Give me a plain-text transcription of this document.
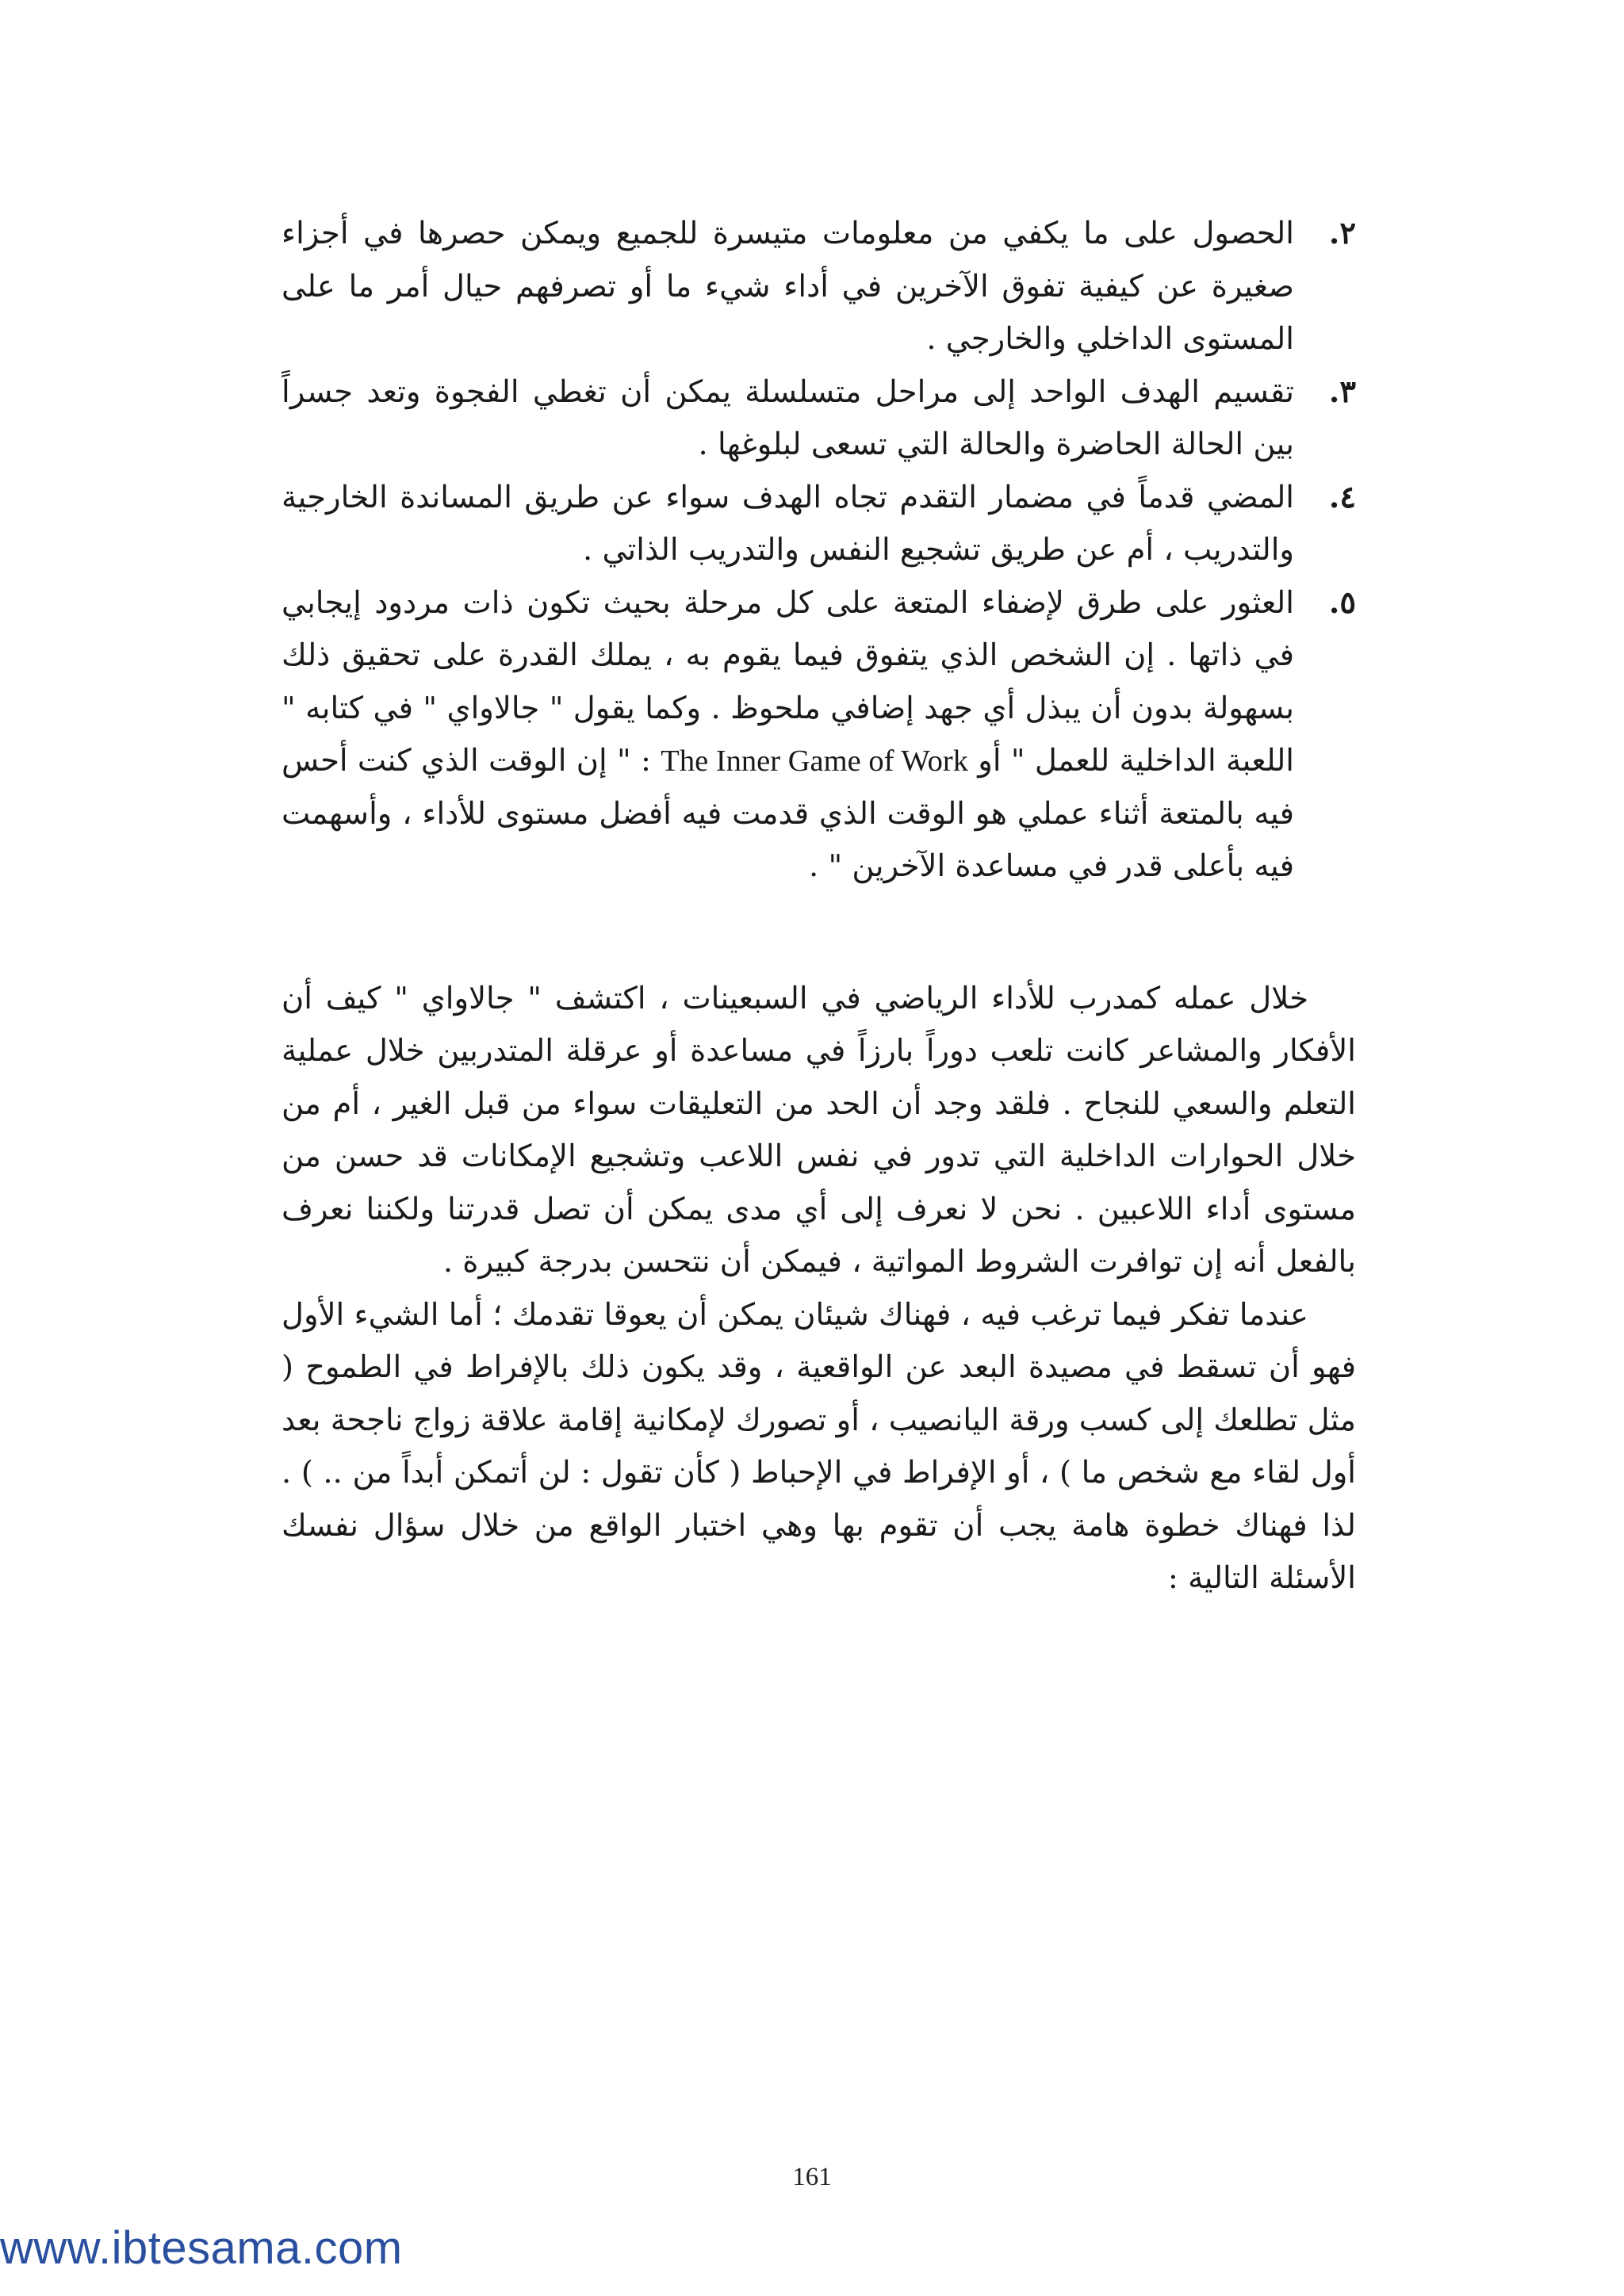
٢.
الحصول على ما يكفي من معلومات متيسرة للجميع ويمكن حصرها في أجزاء صغيرة عن كيفية تفوق الآخرين في أداء شيء ما أو تصرفهم حيال أمر ما على المستوى الداخلي والخارجي .
٣.
تقسيم الهدف الواحد إلى مراحل متسلسلة يمكن أن تغطي الفجوة وتعد جسراً بين الحالة الحاضرة والحالة التي تسعى لبلوغها .
٤.
المضي قدماً في مضمار التقدم تجاه الهدف سواء عن طريق المساندة الخارجية والتدريب ، أم عن طريق تشجيع النفس والتدريب الذاتي .
٥.
العثور على طرق لإضفاء المتعة على كل مرحلة بحيث تكون ذات مردود إيجابي في ذاتها . إن الشخص الذي يتفوق فيما يقوم به ، يملك القدرة على تحقيق ذلك بسهولة بدون أن يبذل أي جهد إضافي ملحوظ . وكما يقول " جالاواي " في كتابه " اللعبة الداخلية للعمل " أو The Inner Game of Work : " إن الوقت الذي كنت أحس فيه بالمتعة أثناء عملي هو الوقت الذي قدمت فيه أفضل مستوى للأداء ، وأسهمت فيه بأعلى قدر في مساعدة الآخرين " .

خلال عمله كمدرب للأداء الرياضي في السبعينات ، اكتشف " جالاواي " كيف أن الأفكار والمشاعر كانت تلعب دوراً بارزاً في مساعدة أو عرقلة المتدربين خلال عملية التعلم والسعي للنجاح . فلقد وجد أن الحد من التعليقات سواء من قبل الغير ، أم من خلال الحوارات الداخلية التي تدور في نفس اللاعب وتشجيع الإمكانات قد حسن من مستوى أداء اللاعبين . نحن لا نعرف إلى أي مدى يمكن أن تصل قدرتنا ولكننا نعرف بالفعل أنه إن توافرت الشروط المواتية ، فيمكن أن نتحسن بدرجة كبيرة .

عندما تفكر فيما ترغب فيه ، فهناك شيئان يمكن أن يعوقا تقدمك ؛ أما الشيء الأول فهو أن تسقط في مصيدة البعد عن الواقعية ، وقد يكون ذلك بالإفراط في الطموح ( مثل تطلعك إلى كسب ورقة اليانصيب ، أو تصورك لإمكانية إقامة علاقة زواج ناجحة بعد أول لقاء مع شخص ما ) ، أو الإفراط في الإحباط ( كأن تقول : لن أتمكن أبداً من .. ) . لذا فهناك خطوة هامة يجب أن تقوم بها وهي اختبار الواقع من خلال سؤال نفسك الأسئلة التالية :

161
www.ibtesama.com
